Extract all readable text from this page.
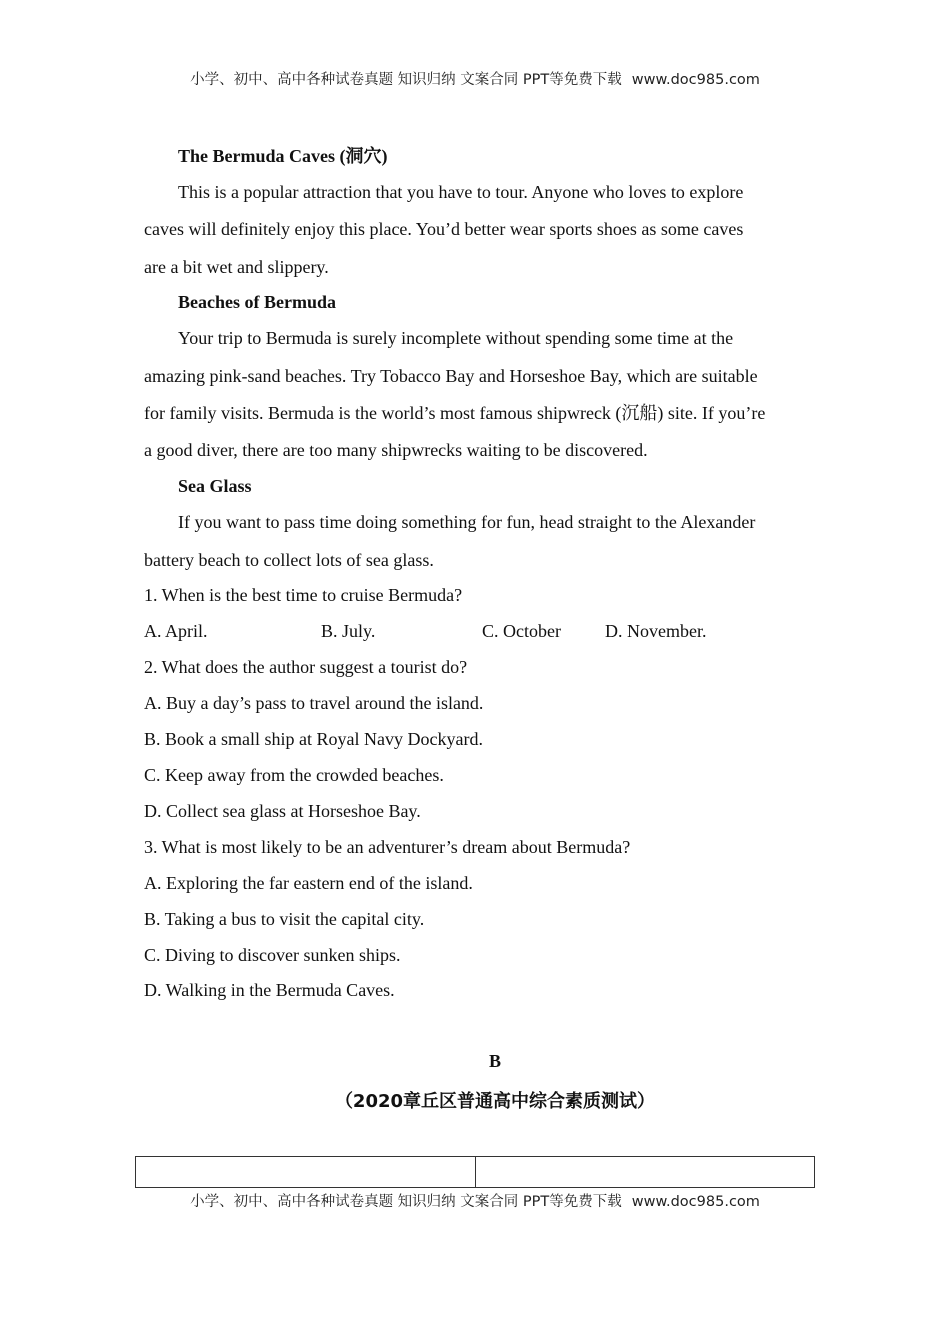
小学、初中、高中各种试卷真题 知识归纳 文案合同 PPT等免费下载 www.doc985.com
The Bermuda Caves (洞穴)
This is a popular attraction that you have to tour. Anyone who loves to explore
caves will definitely enjoy this place. You’d better wear sports shoes as some caves
are a bit wet and slippery.
Beaches of Bermuda
Your trip to Bermuda is surely incomplete without spending some time at the
amazing pink-sand beaches. Try Tobacco Bay and Horseshoe Bay, which are suitable
for family visits. Bermuda is the world’s most famous shipwreck (沉船) site. If you’re
a good diver, there are too many shipwrecks waiting to be discovered.
Sea Glass
If you want to pass time doing something for fun, head straight to the Alexander
battery beach to collect lots of sea glass.
1. When is the best time to cruise Bermuda?
A. April.	B. July.	C. October D. November.
2. What does the author suggest a tourist do?
A. Buy a day’s pass to travel around the island.
B. Book a small ship at Royal Navy Dockyard.
C. Keep away from the crowded beaches.
D. Collect sea glass at Horseshoe Bay.
3. What is most likely to be an adventurer’s dream about Bermuda?
A. Exploring the far eastern end of the island.
B. Taking a bus to visit the capital city.
C. Diving to discover sunken ships.
D. Walking in the Bermuda Caves.
B
（2020章丘区普通高中综合素质测试）
小学、初中、高中各种试卷真题 知识归纳 文案合同 PPT等免费下载 www.doc985.com
